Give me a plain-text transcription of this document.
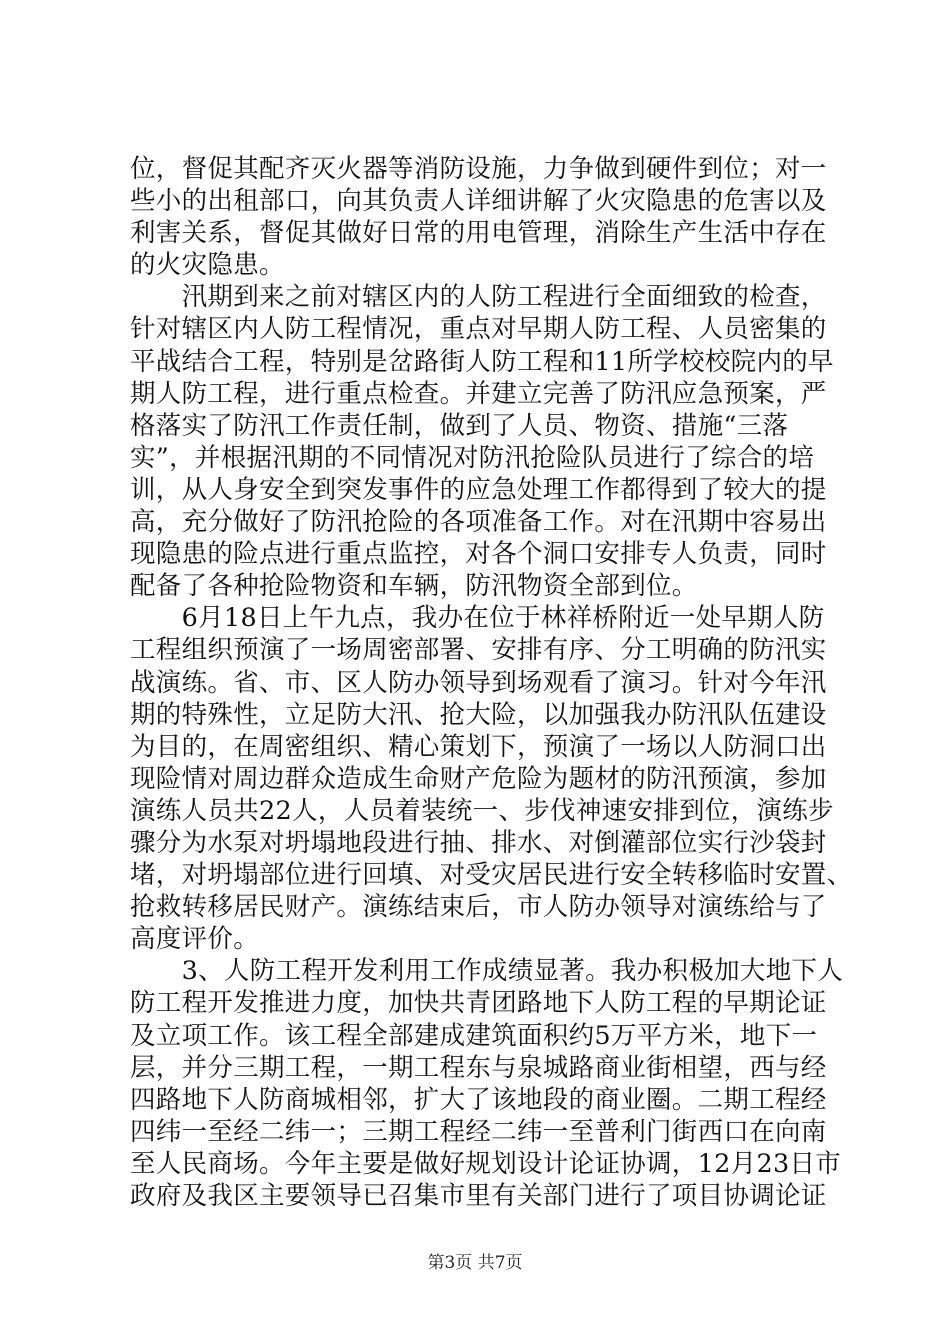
位，督促其配齐灭火器等消防设施，力争做到硬件到位；对一
些小的出租部口，向其负责人详细讲解了火灾隐患的危害以及
利害关系，督促其做好日常的用电管理，消除生产生活中存在
的火灾隐患。
　　汛期到来之前对辖区内的人防工程进行全面细致的检查，
针对辖区内人防工程情况，重点对早期人防工程、人员密集的
平战结合工程，特别是岔路街人防工程和11所学校校院内的早
期人防工程，进行重点检查。并建立完善了防汛应急预案，严
格落实了防汛工作责任制，做到了人员、物资、措施“三落
实”，并根据汛期的不同情况对防汛抢险队员进行了综合的培
训，从人身安全到突发事件的应急处理工作都得到了较大的提
高，充分做好了防汛抢险的各项准备工作。对在汛期中容易出
现隐患的险点进行重点监控，对各个洞口安排专人负责，同时
配备了各种抢险物资和车辆，防汛物资全部到位。
　　6月18日上午九点，我办在位于林祥桥附近一处早期人防
工程组织预演了一场周密部署、安排有序、分工明确的防汛实
战演练。省、市、区人防办领导到场观看了演习。针对今年汛
期的特殊性，立足防大汛、抢大险，以加强我办防汛队伍建设
为目的，在周密组织、精心策划下，预演了一场以人防洞口出
现险情对周边群众造成生命财产危险为题材的防汛预演，参加
演练人员共22人，人员着装统一、步伐神速安排到位，演练步
骤分为水泵对坍塌地段进行抽、排水、对倒灌部位实行沙袋封
堵，对坍塌部位进行回填、对受灾居民进行安全转移临时安置、
抢救转移居民财产。演练结束后，市人防办领导对演练给与了
高度评价。
　　3、人防工程开发利用工作成绩显著。我办积极加大地下人
防工程开发推进力度，加快共青团路地下人防工程的早期论证
及立项工作。该工程全部建成建筑面积约5万平方米，地下一
层，并分三期工程，一期工程东与泉城路商业街相望，西与经
四路地下人防商城相邻，扩大了该地段的商业圈。二期工程经
四纬一至经二纬一；三期工程经二纬一至普利门街西口在向南
至人民商场。今年主要是做好规划设计论证协调，12月23日市
政府及我区主要领导已召集市里有关部门进行了项目协调论证
第3页 共7页
